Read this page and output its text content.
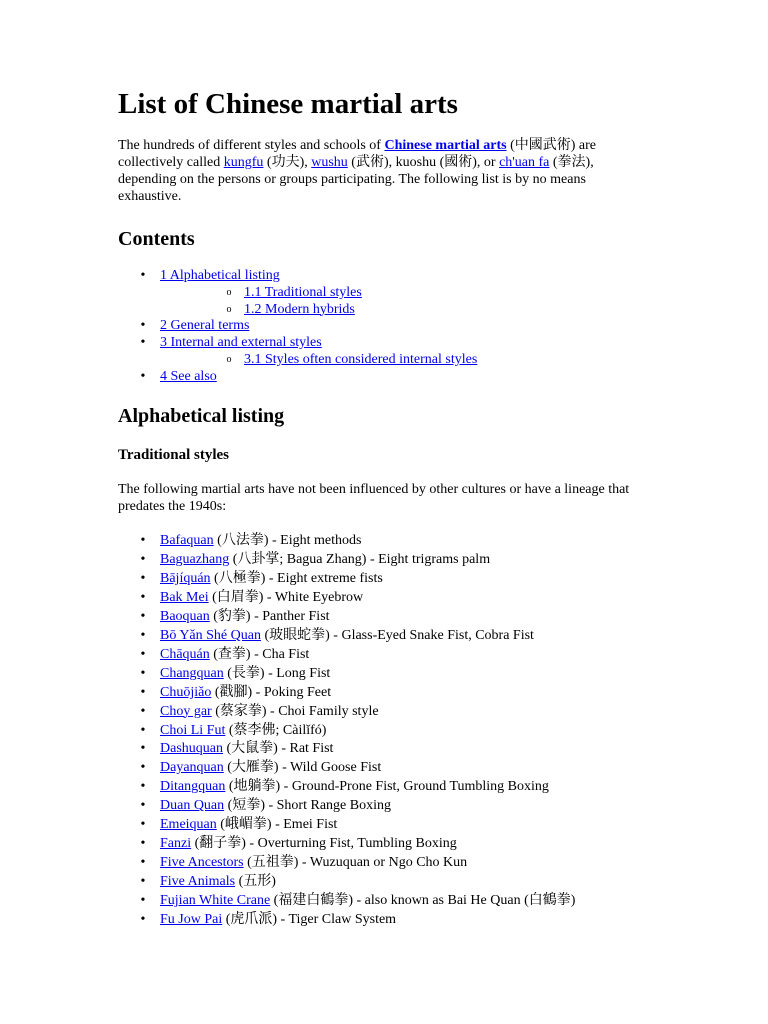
List of Chinese martial arts

The hundreds of different styles and schools of Chinese martial arts (中國武術) are collectively called kungfu (功夫), wushu (武術), kuoshu (國術), or ch'uan fa (拳法), depending on the persons or groups participating. The following list is by no means exhaustive.

Contents
• 1 Alphabetical listing
o 1.1 Traditional styles
o 1.2 Modern hybrids
• 2 General terms
• 3 Internal and external styles
o 3.1 Styles often considered internal styles
• 4 See also
Alphabetical listing
Traditional styles

The following martial arts have not been influenced by other cultures or have a lineage that predates the 1940s:

• Bafaquan (八法拳) - Eight methods
• Baguazhang (八卦掌; Bagua Zhang) - Eight trigrams palm
• Bājíquán (八極拳) - Eight extreme fists
• Bak Mei (白眉拳) - White Eyebrow
• Baoquan (豹拳) - Panther Fist
• Bō Yǎn Shé Quan (玻眼蛇拳) - Glass-Eyed Snake Fist, Cobra Fist
• Chāquán (查拳) - Cha Fist
• Changquan (長拳) - Long Fist
• Chuōjiǎo (戳腳) - Poking Feet
• Choy gar (蔡家拳) - Choi Family style
• Choi Li Fut (蔡李佛; Càilǐfó)
• Dashuquan (大鼠拳) - Rat Fist
• Dayanquan (大雁拳) - Wild Goose Fist
• Ditangquan (地躺拳) - Ground-Prone Fist, Ground Tumbling Boxing
• Duan Quan (短拳) - Short Range Boxing
• Emeiquan (峨嵋拳) - Emei Fist
• Fanzi (翻子拳) - Overturning Fist, Tumbling Boxing
• Five Ancestors (五祖拳) - Wuzuquan or Ngo Cho Kun
• Five Animals (五形)
• Fujian White Crane (福建白鶴拳) - also known as Bai He Quan (白鶴拳)
• Fu Jow Pai (虎爪派) - Tiger Claw System
